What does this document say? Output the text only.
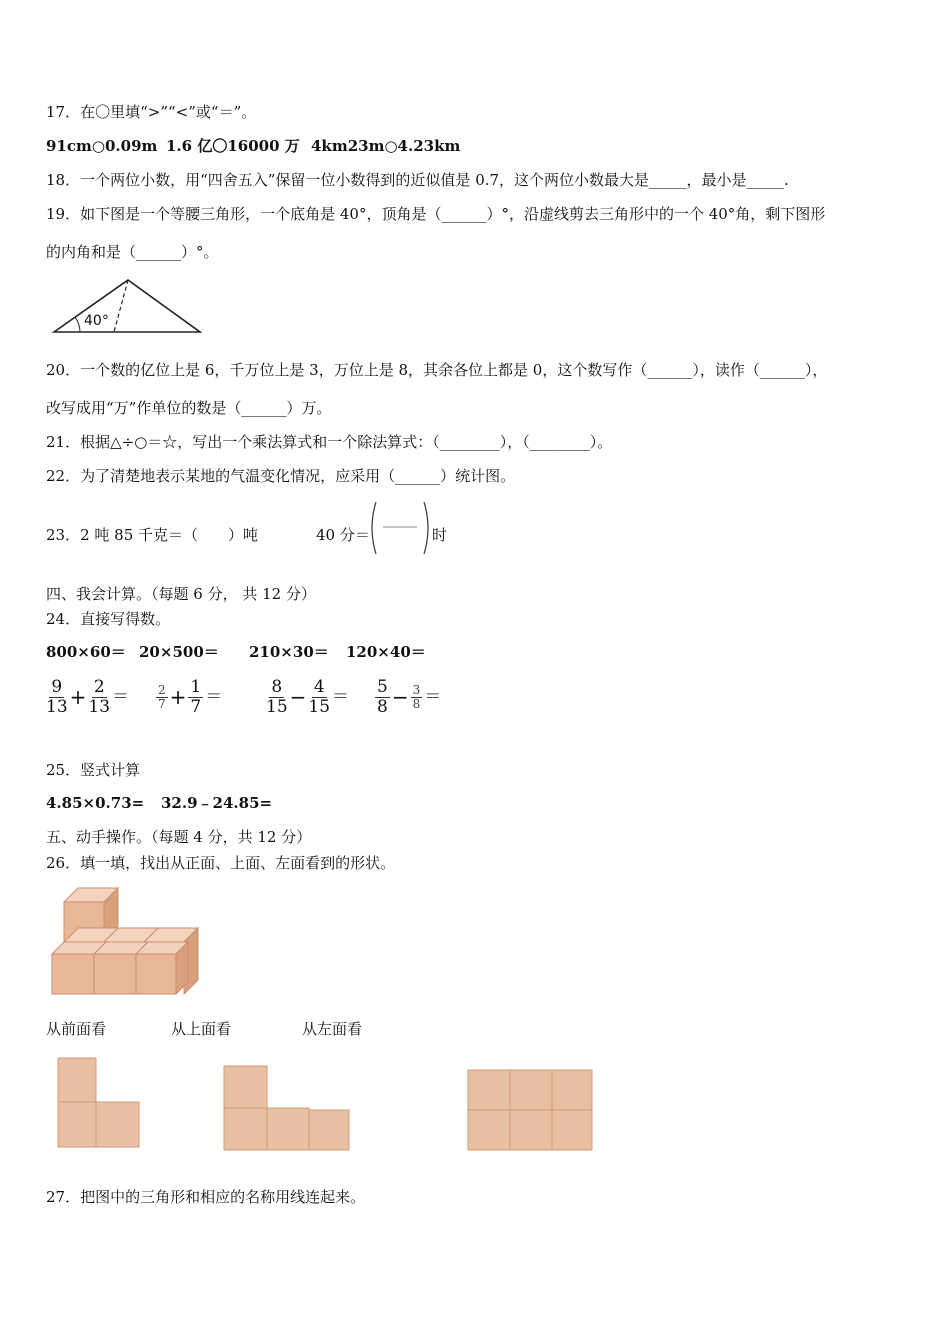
17．在〇里填“>”“<”或“＝”。
91cm○0.09m 1.6 亿〇16000 万 4km23m○4.23km
18．一个两位小数，用“四舍五入”保留一位小数得到的近似值是 0.7，这个两位小数最大是_____，最小是_____.
19．如下图是一个等腰三角形，一个底角是 40°，顶角是（______）°，沿虚线剪去三角形中的一个 40°角，剩下图形
的内角和是（______）°。
40°
20．一个数的亿位上是 6，千万位上是 3，万位上是 8，其余各位上都是 0，这个数写作（______），读作（______），
改写成用“万”作单位的数是（______）万。
21．根据△÷○＝☆，写出一个乘法算式和一个除法算式：（________），（________）。
22．为了清楚地表示某地的气温变化情况，应采用（______）统计图。
23．2 吨 85 千克＝（　　）吨	40 分＝	时
四、我会计算。（每题 6 分， 共 12 分）
24．直接写得数。
800×60＝ 20×500＝ 210×30＝ 120×40＝
$\frac{9}{13} + \frac{2}{13} = \frac{2}{7} + \frac{1}{7}$ ＝	$\frac{8}{15} - \frac{4}{15} = \frac{5}{8} - \frac{3}{8}$ ＝
25．竖式计算
4.85×0.73= 32.9﹣24.85=
五、动手操作。（每题 4 分，共 12 分）
26．填一填，找出从正面、上面、左面看到的形状。
从前面看	从上面看	从左面看
27．把图中的三角形和相应的名称用线连起来。
